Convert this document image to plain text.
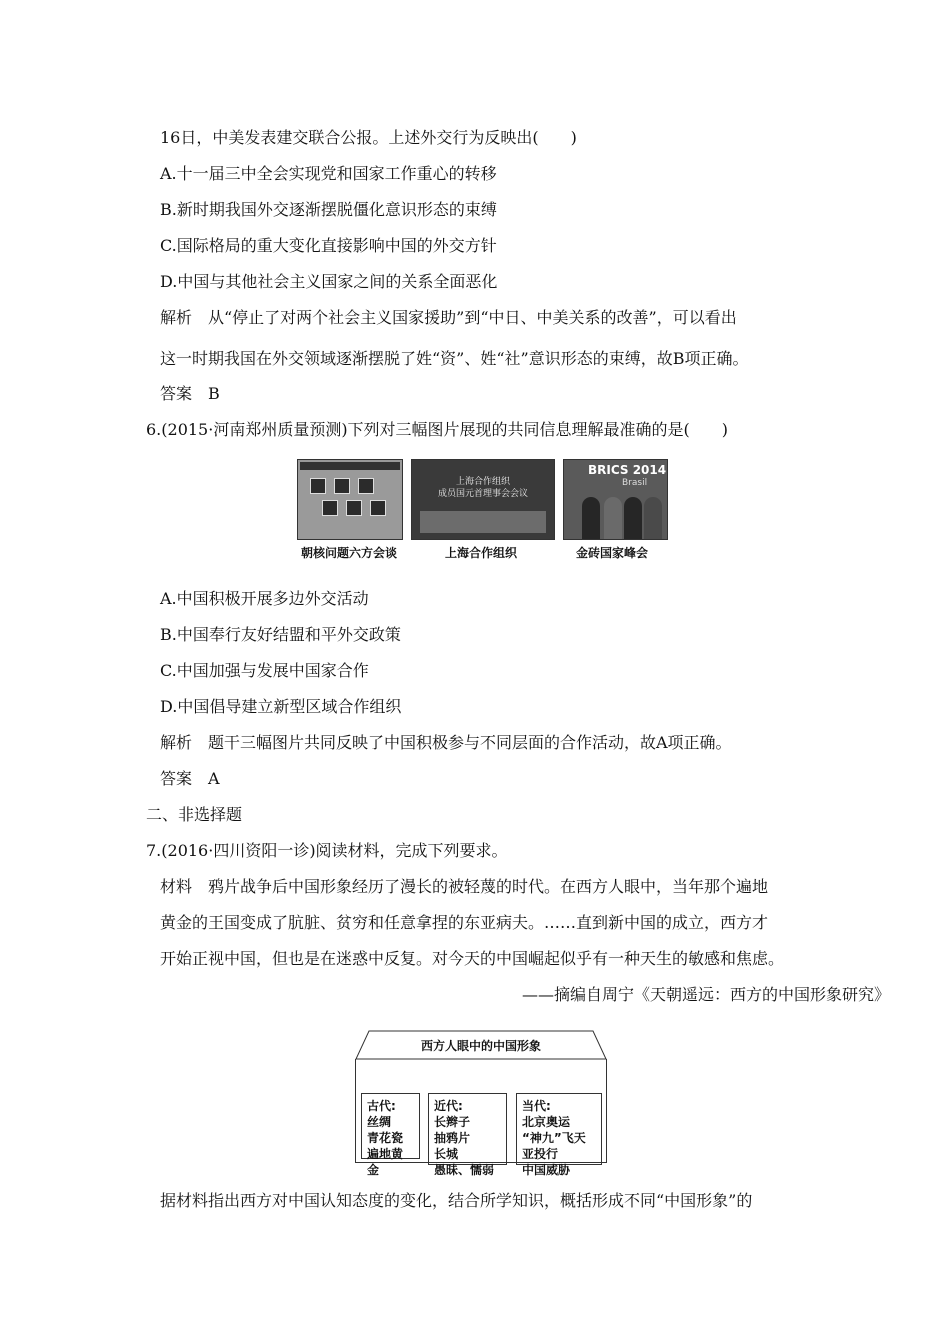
16日，中美发表建交联合公报。上述外交行为反映出(　　)
A.十一届三中全会实现党和国家工作重心的转移
B.新时期我国外交逐渐摆脱僵化意识形态的束缚
C.国际格局的重大变化直接影响中国的外交方针
D.中国与其他社会主义国家之间的关系全面恶化
解析　从“停止了对两个社会主义国家援助”到“中日、中美关系的改善”，可以看出
这一时期我国在外交领域逐渐摆脱了姓“资”、姓“社”意识形态的束缚，故B项正确。
答案　B
6.(2015·河南郑州质量预测)下列对三幅图片展现的共同信息理解最准确的是(　　)
上海合作组织
成员国元首理事会会议
BRICS 2014
Brasil
朝核问题六方会谈	上海合作组织	金砖国家峰会
A.中国积极开展多边外交活动
B.中国奉行友好结盟和平外交政策
C.中国加强与发展中国家合作
D.中国倡导建立新型区域合作组织
解析　题干三幅图片共同反映了中国积极参与不同层面的合作活动，故A项正确。
答案　A
二、非选择题
7.(2016·四川资阳一诊)阅读材料，完成下列要求。
材料　鸦片战争后中国形象经历了漫长的被轻蔑的时代。在西方人眼中，当年那个遍地
黄金的王国变成了肮脏、贫穷和任意拿捏的东亚病夫。……直到新中国的成立，西方才
开始正视中国，但也是在迷惑中反复。对今天的中国崛起似乎有一种天生的敏感和焦虑。
——摘编自周宁《天朝遥远：西方的中国形象研究》
西方人眼中的中国形象
古代:
丝绸
青花瓷
遍地黄金
近代:
长辫子
抽鸦片
长城
愚昧、懦弱
当代:
北京奥运
“神九”飞天
亚投行
中国威胁
据材料指出西方对中国认知态度的变化，结合所学知识，概括形成不同“中国形象”的
